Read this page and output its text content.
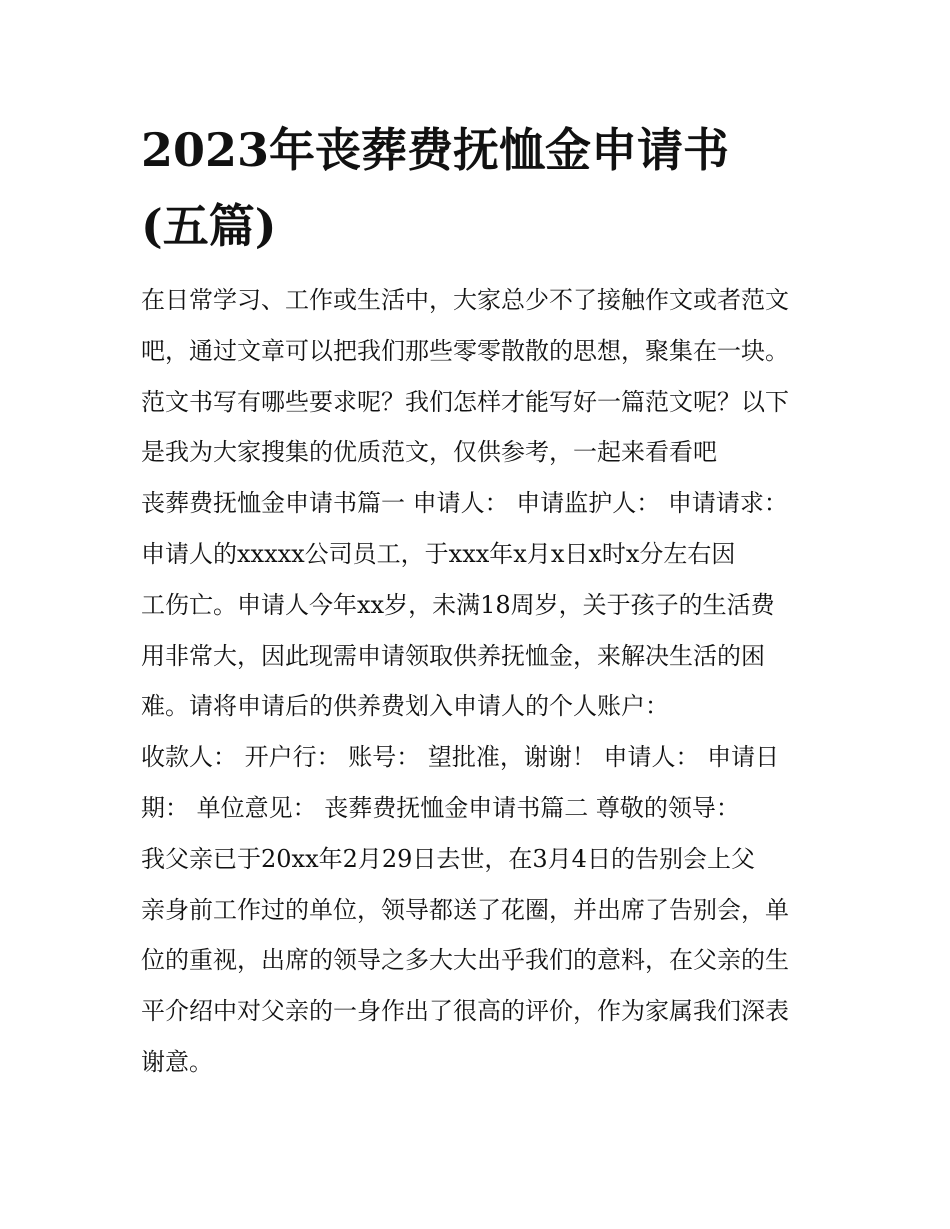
2023年丧葬费抚恤金申请书
(五篇)
在日常学习、工作或生活中，大家总少不了接触作文或者范文
吧，通过文章可以把我们那些零零散散的思想，聚集在一块。
范文书写有哪些要求呢？我们怎样才能写好一篇范文呢？以下
是我为大家搜集的优质范文，仅供参考，一起来看看吧
丧葬费抚恤金申请书篇一 申请人： 申请监护人： 申请请求：
申请人的xxxxx公司员工，于xxx年x月x日x时x分左右因
工伤亡。申请人今年xx岁，未满18周岁，关于孩子的生活费
用非常大，因此现需申请领取供养抚恤金，来解决生活的困
难。请将申请后的供养费划入申请人的个人账户：
收款人： 开户行： 账号： 望批准，谢谢！ 申请人： 申请日
期： 单位意见： 丧葬费抚恤金申请书篇二 尊敬的领导：
我父亲已于20xx年2月29日去世，在3月4日的告别会上父
亲身前工作过的单位，领导都送了花圈，并出席了告别会，单
位的重视，出席的领导之多大大出乎我们的意料，在父亲的生
平介绍中对父亲的一身作出了很高的评价，作为家属我们深表
谢意。
